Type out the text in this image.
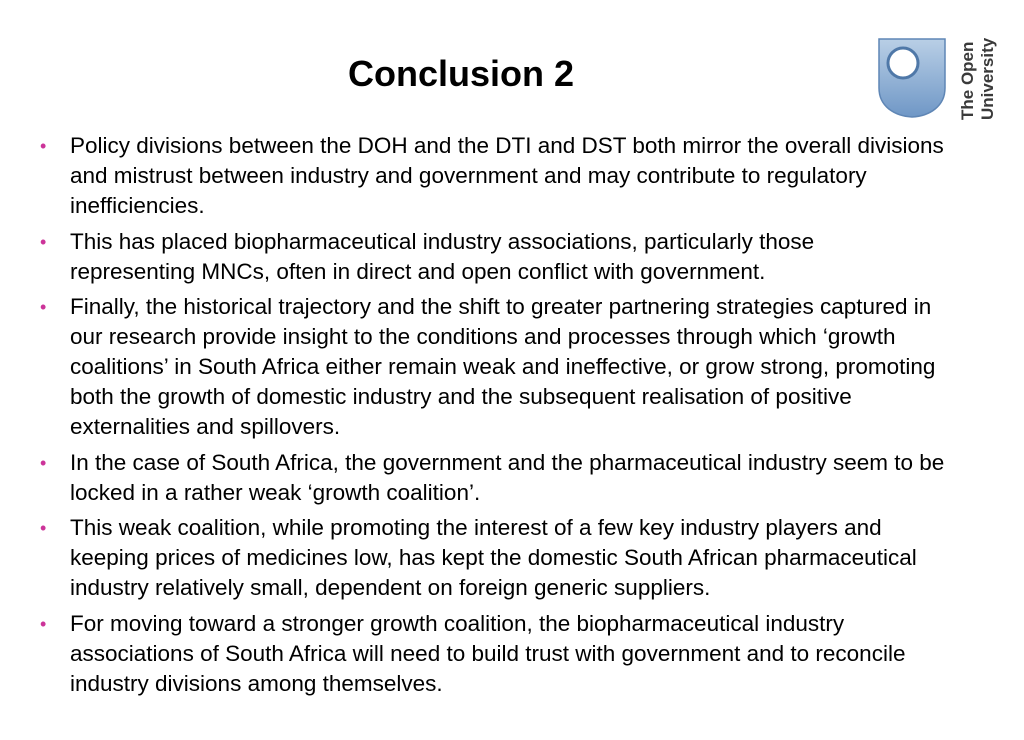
Conclusion 2	The Open University
• Policy divisions between the DOH and the DTI and DST both mirror the overall divisions and mistrust between industry and government and may contribute to regulatory inefficiencies.
• This has placed biopharmaceutical industry associations, particularly those representing MNCs, often in direct and open conflict with government.
• Finally, the historical trajectory and the shift to greater partnering strategies captured in our research provide insight to the conditions and processes through which ‘growth coalitions’ in South Africa either remain weak and ineffective, or grow strong, promoting both the growth of domestic industry and the subsequent realisation of positive externalities and spillovers.
• In the case of South Africa, the government and the pharmaceutical industry seem to be locked in a rather weak ‘growth coalition’.
• This weak coalition, while promoting the interest of a few key industry players and keeping prices of medicines low, has kept the domestic South African pharmaceutical industry relatively small, dependent on foreign generic suppliers.
• For moving toward a stronger growth coalition, the biopharmaceutical industry associations of South Africa will need to build trust with government and to reconcile industry divisions among themselves.
